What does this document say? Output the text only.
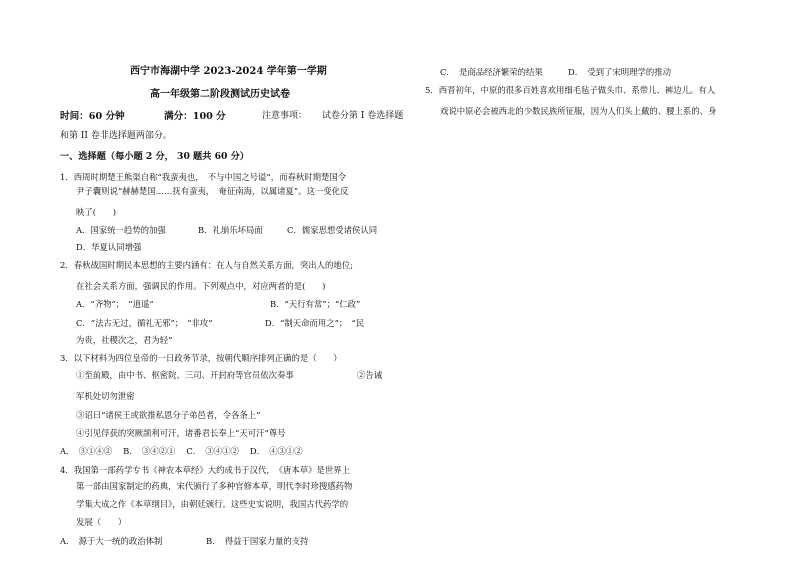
西宁市海湖中学 2023-2024 学年第一学期
高一年级第二阶段测试历史试卷
时间：60 分钟	满分：100 分	注意事项： 试卷分第 I 卷选择题
和第 II 卷非选择题两部分。
一、选择题（每小题 2 分， 30 题共 60 分）
1．西周时期楚王熊渠自称“我蛮夷也，　不与中国之号谥”，而春秋时期楚国令
尹子囊则说“赫赫楚国……抚有蛮夷，　奄征南海，以属诸夏”。这一变化反
映了(　　)
A．国家统一趋势的加强	B．礼崩乐坏局面	C．儒家思想受诸侯认同
D．华夏认同增强
2．春秋战国时期民本思想的主要内涵有：在人与自然关系方面，突出人的地位;
在社会关系方面，强调民的作用。下列观点中，对应两者的是(　　)
A．“齐物”；　“逍遥”	B．“天行有常”；“仁政”
C．“法古无过，循礼无邪”；　“非攻”	D．“制天命而用之”；　“民
为贵，社稷次之，君为轻”
3．以下材料为四位皇帝的一日政务节录，按朝代顺序排列正确的是（　　）
①至前殿，由中书、枢密院、三司、开封府等官员依次奏事	②告诫
军机处切勿泄密
③诏曰“诸侯王或欲推私恩分子弟邑者，令各条上”
④引见俘获的突厥颉利可汗，诸番君长奉上“天可汗”尊号
A．　③①④②　 B．　③④②①　 C．　③④①②　 D．　④③①②
4．我国第一部药学专书《神农本草经》大约成书于汉代，　《唐本草》是世界上
第一部由国家制定的药典，宋代颁行了多种官修本草，明代李时珍搜感药物
学集大成之作《本草纲目》，由朝廷颁行。这些史实说明，我国古代药学的
发展（　　）
A．　源于大一统的政治体制	B．　得益于国家力量的支持
C．　是商品经济繁荣的结果	D．　受到了宋明理学的推动
5．西晋初年，中原的很多百姓喜欢用细毛毡子做头巾、系带儿、裤边儿。有人
戏说中原必会被西北的少数民族所征服，因为人们头上戴的、腰上系的、身
